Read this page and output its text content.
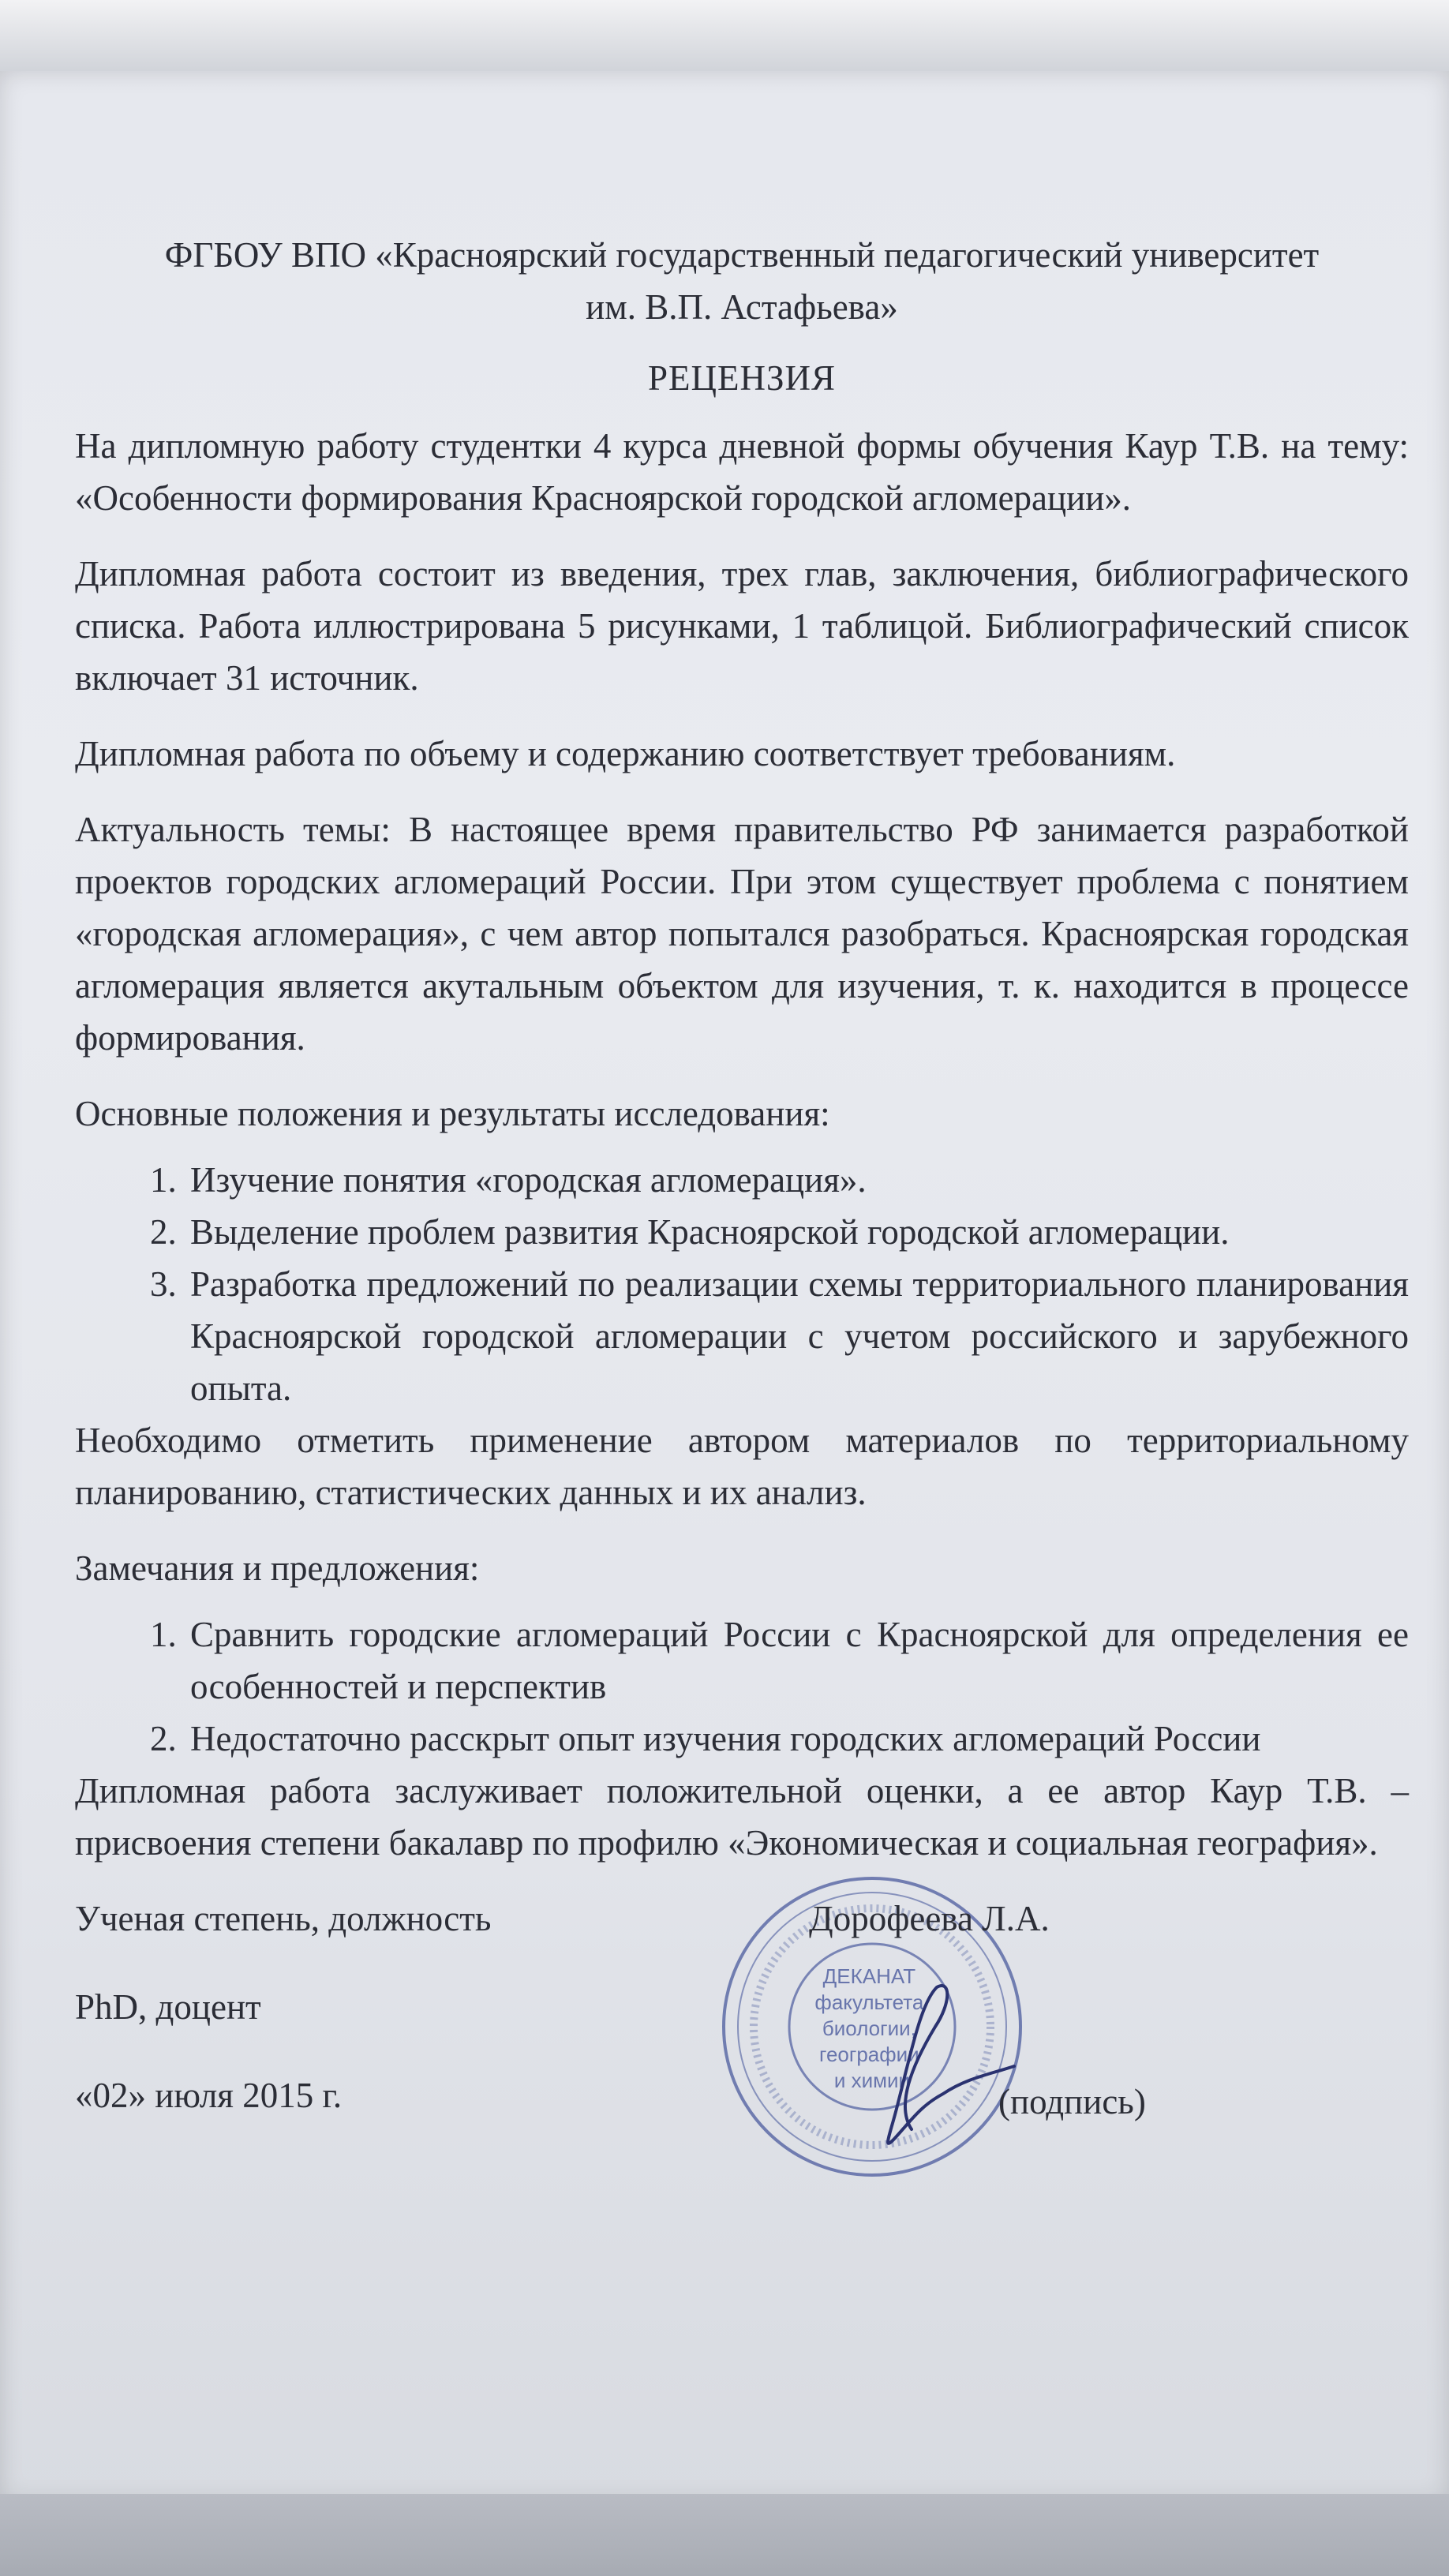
ФГБОУ ВПО «Красноярский государственный педагогический университет
им. В.П. Астафьева»
РЕЦЕНЗИЯ

На дипломную работу студентки 4 курса дневной формы обучения Каур Т.В. на тему: «Особенности формирования Красноярской городской агломерации».

Дипломная работа состоит из введения, трех глав, заключения, библиографического списка. Работа иллюстрирована 5 рисунками, 1 таблицой. Библиографический список включает 31 источник.

Дипломная работа по объему и содержанию соответствует требованиям.

Актуальность темы: В настоящее время правительство РФ занимается разработкой проектов городских агломераций России. При этом существует проблема с понятием «городская агломерация», с чем автор попытался разобраться. Красноярская городская агломерация является акутальным объектом для изучения, т. к. находится в процессе формирования.

Основные положения и результаты исследования:

1. Изучение понятия «городская агломерация».
2. Выделение проблем развития Красноярской городской агломерации.
3. Разработка предложений по реализации схемы территориального планирования Красноярской городской агломерации с учетом российского и зарубежного опыта.

Необходимо отметить применение автором материалов по территориальному планированию, статистических данных и их анализ.

Замечания и предложения:

1. Сравнить городские агломераций России с Красноярской для определения ее особенностей и перспектив
2. Недостаточно расскрыт опыт изучения городских агломераций России

Дипломная работа заслуживает положительной оценки, а ее автор Каур Т.В. – присвоения степени бакалавр по профилю «Экономическая и социальная география».

Ученая степень, должность
PhD, доцент
«02» июля 2015 г.
ДЕКАНАТ факультета биологии, географии и химии
Дорофеева Л.А.
(подпись)
